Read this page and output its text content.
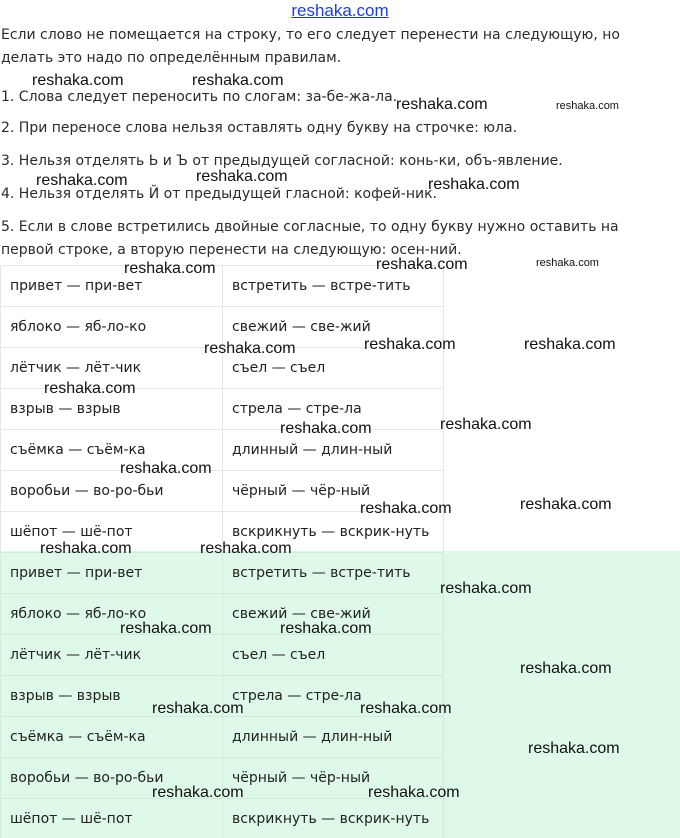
reshaka.com
Если слово не помещается на строку, то его следует перенести на следующую, но делать это надо по определённым правилам.
1. Слова следует переносить по слогам: за-бе-жа-ла.
2. При переносе слова нельзя оставлять одну букву на строчке: юла.
3. Нельзя отделять Ь и Ъ от предыдущей согласной: конь-ки, объ-явление.
4. Нельзя отделять Й от предыдущей гласной: кофей-ник.
5. Если в слове встретились двойные согласные, то одну букву нужно оставить на первой строке, а вторую перенести на следующую: осен-ний.
привет — при-вет	встретить — встре-тить
яблоко — яб-ло-ко	свежий — све-жий
лётчик — лёт-чик	съел — съел
взрыв — взрыв	стрела — стре-ла
съёмка — съём-ка	длинный — длин-ный
воробьи — во-ро-бьи	чёрный — чёр-ный
шёпот — шё-пот	вскрикнуть — вскрик-нуть
привет — при-вет	встретить — встре-тить
яблоко — яб-ло-ко	свежий — све-жий
лётчик — лёт-чик	съел — съел
взрыв — взрыв	стрела — стре-ла
съёмка — съём-ка	длинный — длин-ный
воробьи — во-ро-бьи	чёрный — чёр-ный
шёпот — шё-пот	вскрикнуть — вскрик-нуть
reshaka.com	reshaka.com
reshaka.com	reshaka.com
reshaka.com	reshaka.com	reshaka.com
reshaka.com	reshaka.com	reshaka.com
reshaka.com	reshaka.com	reshaka.com
reshaka.com
reshaka.com	reshaka.com
reshaka.com
reshaka.com	reshaka.com
reshaka.com	reshaka.com
reshaka.com
reshaka.com	reshaka.com
reshaka.com
reshaka.com	reshaka.com
reshaka.com
reshaka.com	reshaka.com
